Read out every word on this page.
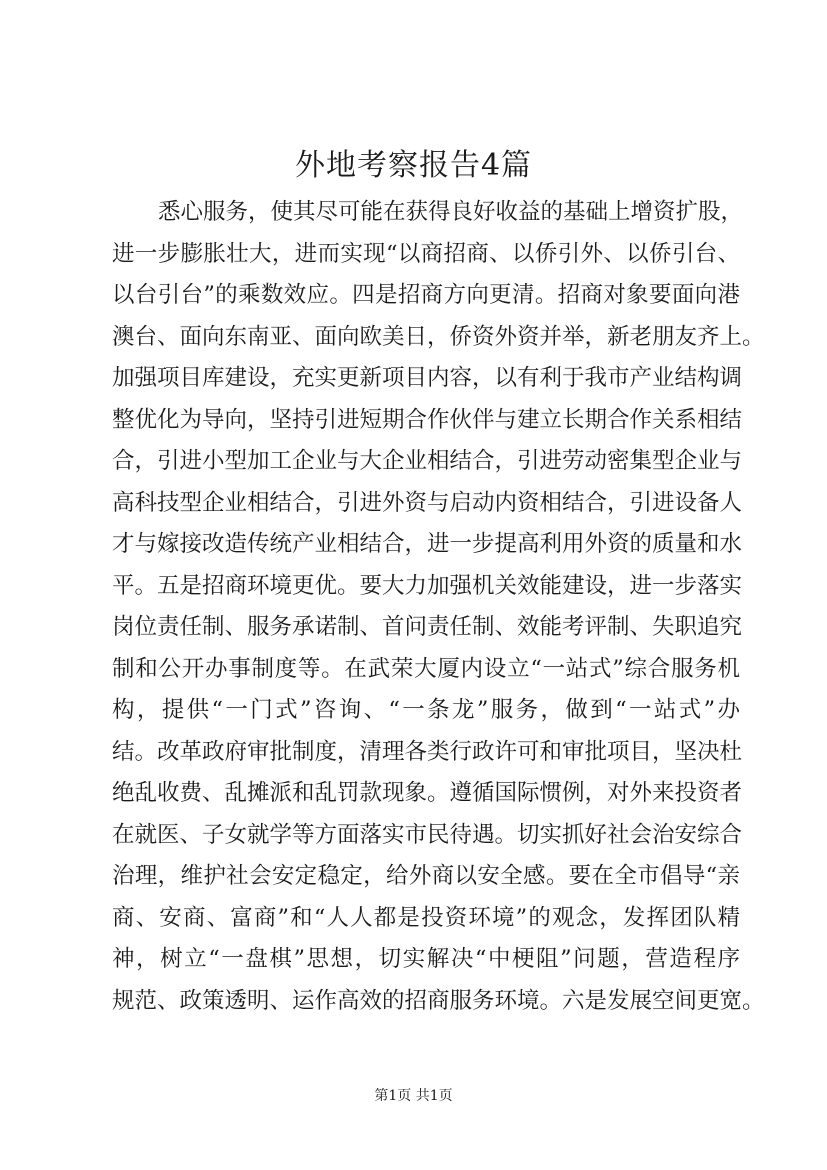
外地考察报告4篇
悉心服务，使其尽可能在获得良好收益的基础上增资扩股，
进一步膨胀壮大，进而实现“以商招商、以侨引外、以侨引台、
以台引台”的乘数效应。四是招商方向更清。招商对象要面向港
澳台、面向东南亚、面向欧美日，侨资外资并举，新老朋友齐上。
加强项目库建设，充实更新项目内容，以有利于我市产业结构调
整优化为导向，坚持引进短期合作伙伴与建立长期合作关系相结
合，引进小型加工企业与大企业相结合，引进劳动密集型企业与
高科技型企业相结合，引进外资与启动内资相结合，引进设备人
才与嫁接改造传统产业相结合，进一步提高利用外资的质量和水
平。五是招商环境更优。要大力加强机关效能建设，进一步落实
岗位责任制、服务承诺制、首问责任制、效能考评制、失职追究
制和公开办事制度等。在武荣大厦内设立“一站式”综合服务机
构，提供“一门式”咨询、“一条龙”服务，做到“一站式”办
结。改革政府审批制度，清理各类行政许可和审批项目，坚决杜
绝乱收费、乱摊派和乱罚款现象。遵循国际惯例，对外来投资者
在就医、子女就学等方面落实市民待遇。切实抓好社会治安综合
治理，维护社会安定稳定，给外商以安全感。要在全市倡导“亲
商、安商、富商”和“人人都是投资环境”的观念，发挥团队精
神，树立“一盘棋”思想，切实解决“中梗阻”问题，营造程序
规范、政策透明、运作高效的招商服务环境。六是发展空间更宽。
第1页 共1页
